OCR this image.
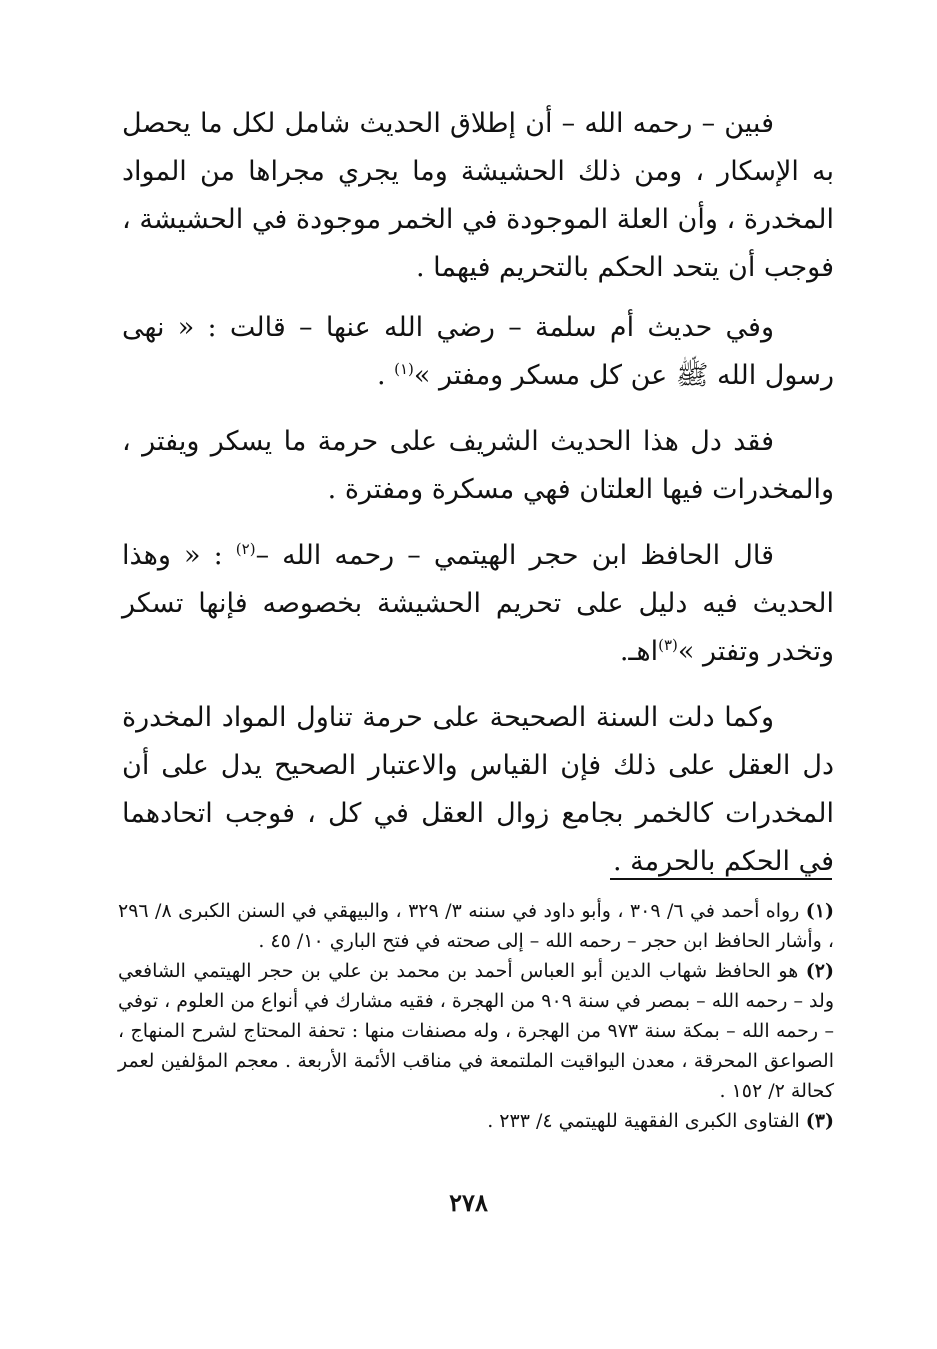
فبين – رحمه الله – أن إطلاق الحديث شامل لكل ما يحصل به الإسكار ، ومن ذلك الحشيشة وما يجري مجراها من المواد المخدرة ، وأن العلة الموجودة في الخمر موجودة في الحشيشة ، فوجب أن يتحد الحكم بالتحريم فيهما .

وفي حديث أم سلمة – رضي الله عنها – قالت : « نهى رسول الله ﷺ عن كل مسكر ومفتر »$^{(١)}$ .

فقد دل هذا الحديث الشريف على حرمة ما يسكر ويفتر ، والمخدرات فيها العلتان فهي مسكرة ومفترة .

قال الحافظ ابن حجر الهيتمي – رحمه الله –$^{(٢)}$ : « وهذا الحديث فيه دليل على تحريم الحشيشة بخصوصه فإنها تسكر وتخدر وتفتر »$^{(٣)}$اهـ.

وكما دلت السنة الصحيحة على حرمة تناول المواد المخدرة دل العقل على ذلك فإن القياس والاعتبار الصحيح يدل على أن المخدرات كالخمر بجامع زوال العقل في كل ، فوجب اتحادهما في الحكم بالحرمة .

(١) رواه أحمد في ٦/ ٣٠٩ ، وأبو داود في سننه ٣/ ٣٢٩ ، والبيهقي في السنن الكبرى ٨/ ٢٩٦ ، وأشار الحافظ ابن حجر – رحمه الله – إلى صحته في فتح الباري ١٠/ ٤٥ .

(٢) هو الحافظ شهاب الدين أبو العباس أحمد بن محمد بن علي بن حجر الهيتمي الشافعي ولد – رحمه الله – بمصر في سنة ٩٠٩ من الهجرة ، فقيه مشارك في أنواع من العلوم ، توفي – رحمه الله – بمكة سنة ٩٧٣ من الهجرة ، وله مصنفات منها : تحفة المحتاج لشرح المنهاج ، الصواعق المحرقة ، معدن اليواقيت الملتمعة في مناقب الأئمة الأربعة . معجم المؤلفين لعمر كحالة ٢/ ١٥٢ .

(٣) الفتاوى الكبرى الفقهية للهيتمي ٤/ ٢٣٣ .

٢٧٨
